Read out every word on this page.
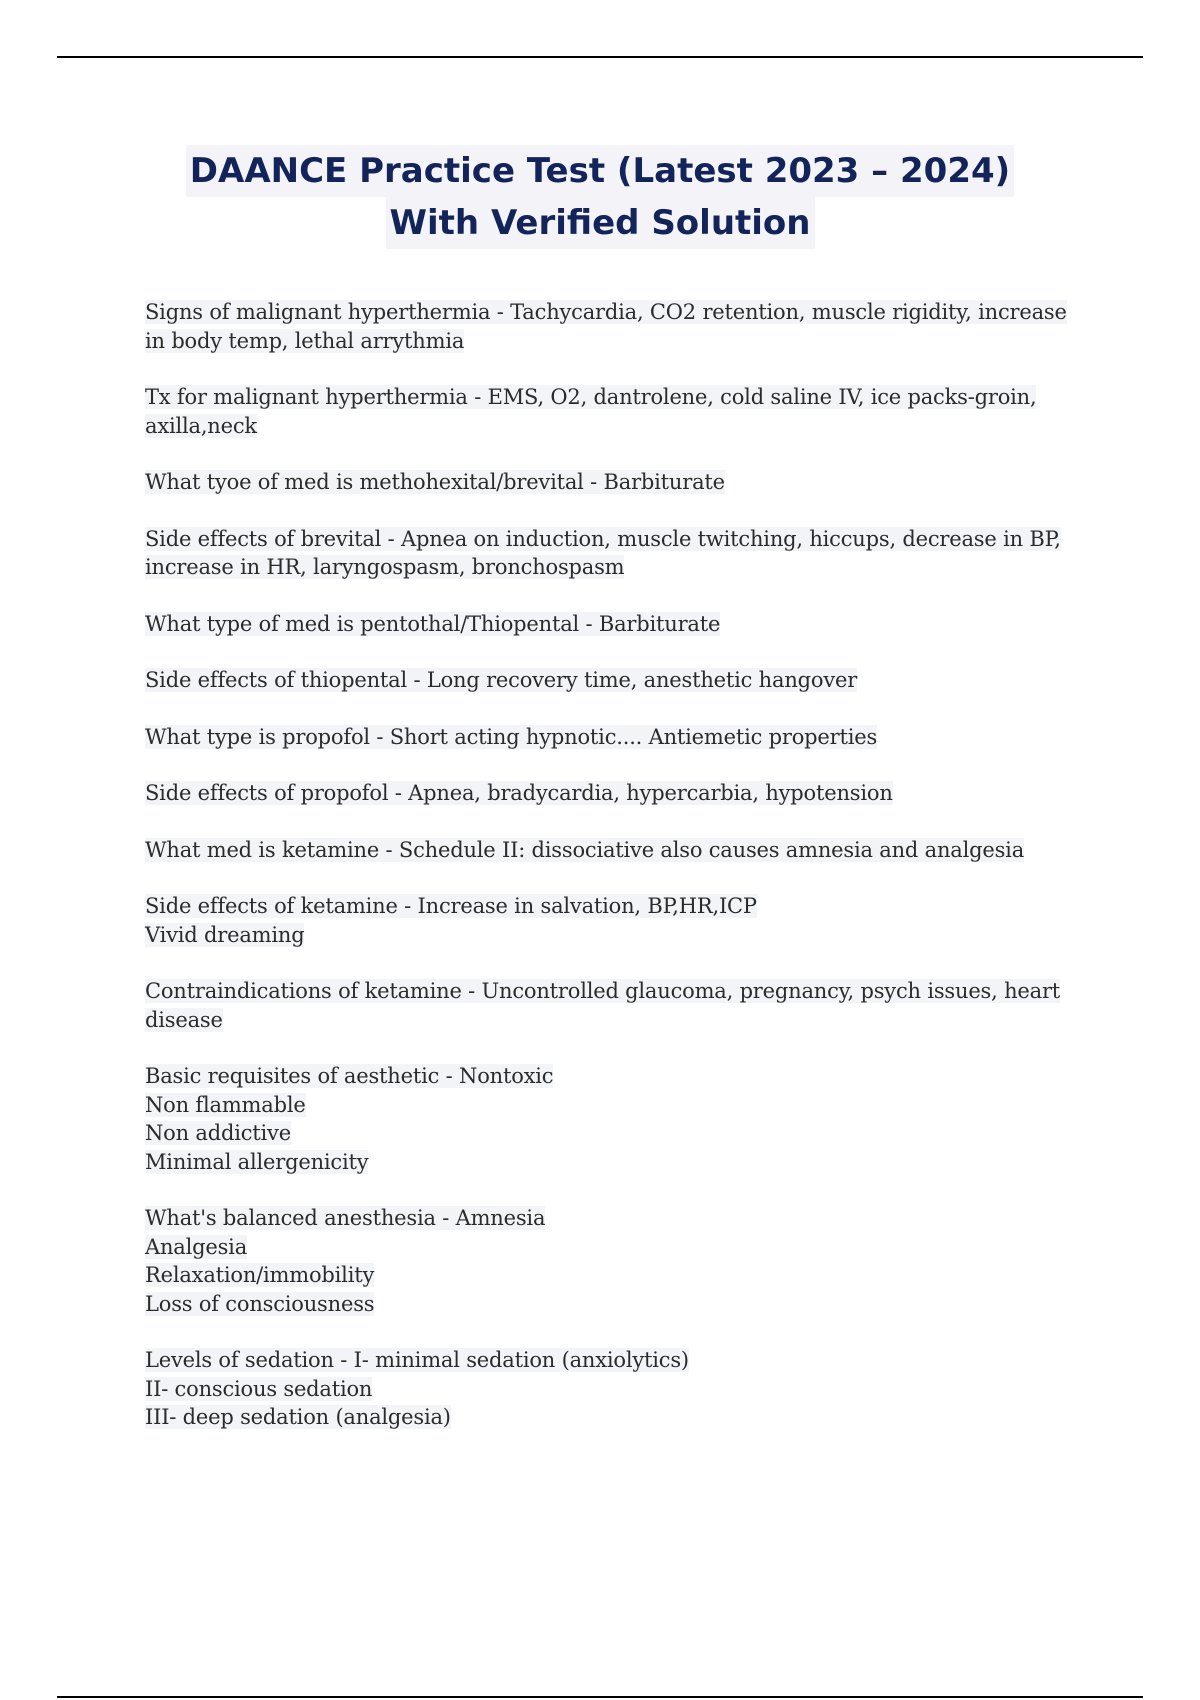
DAANCE Practice Test (Latest 2023 – 2024)
With Verified Solution
Signs of malignant hyperthermia - Tachycardia, CO2 retention, muscle rigidity, increase in body temp, lethal arrythmia
Tx for malignant hyperthermia - EMS, O2, dantrolene, cold saline IV, ice packs-groin, axilla,neck
What tyoe of med is methohexital/brevital - Barbiturate
Side effects of brevital - Apnea on induction, muscle twitching, hiccups, decrease in BP, increase in HR, laryngospasm, bronchospasm
What type of med is pentothal/Thiopental - Barbiturate
Side effects of thiopental - Long recovery time, anesthetic hangover
What type is propofol - Short acting hypnotic.... Antiemetic properties
Side effects of propofol - Apnea, bradycardia, hypercarbia, hypotension
What med is ketamine - Schedule II: dissociative also causes amnesia and analgesia
Side effects of ketamine - Increase in salvation, BP,HR,ICP
Vivid dreaming
Contraindications of ketamine - Uncontrolled glaucoma, pregnancy, psych issues, heart disease
Basic requisites of aesthetic - Nontoxic
Non flammable
Non addictive
Minimal allergenicity
What's balanced anesthesia - Amnesia
Analgesia
Relaxation/immobility
Loss of consciousness
Levels of sedation - I- minimal sedation (anxiolytics)
II- conscious sedation
III- deep sedation (analgesia)
